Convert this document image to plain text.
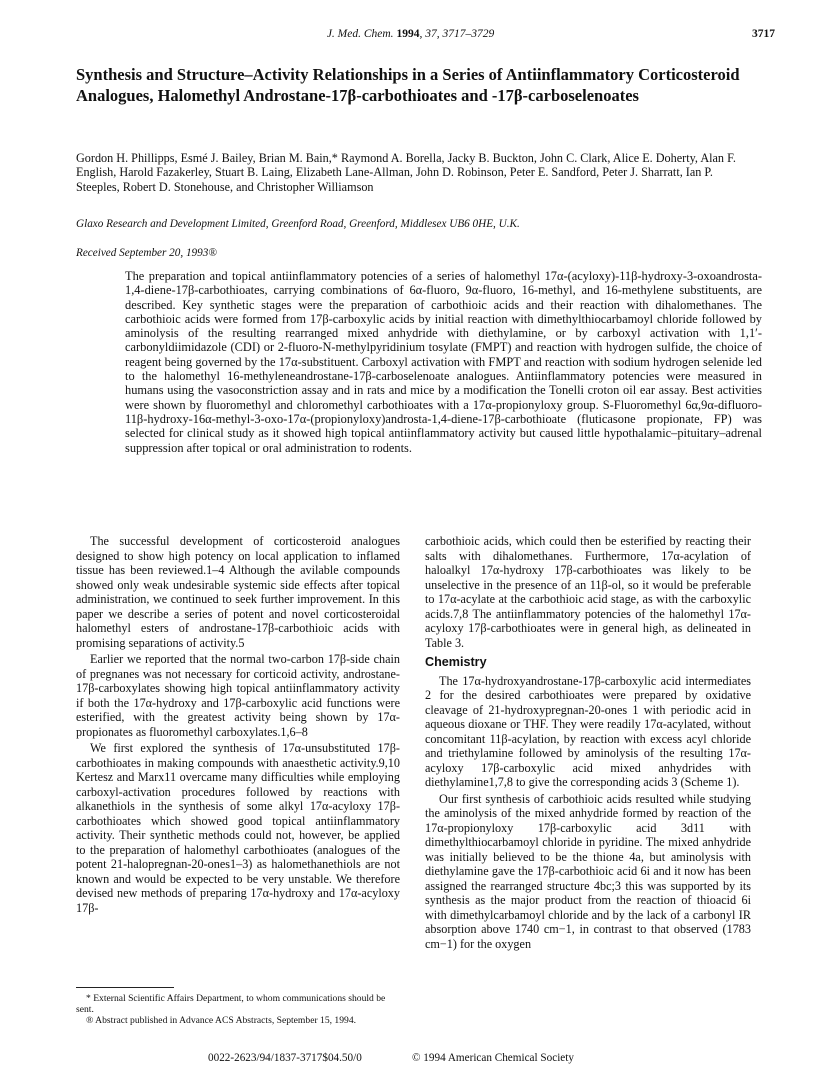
J. Med. Chem. 1994, 37, 3717–3729	3717
Synthesis and Structure–Activity Relationships in a Series of Antiinflammatory Corticosteroid Analogues, Halomethyl Androstane-17β-carbothioates and -17β-carboselenoates

Gordon H. Phillipps, Esmé J. Bailey, Brian M. Bain,* Raymond A. Borella, Jacky B. Buckton, John C. Clark, Alice E. Doherty, Alan F. English, Harold Fazakerley, Stuart B. Laing, Elizabeth Lane-Allman, John D. Robinson, Peter E. Sandford, Peter J. Sharratt, Ian P. Steeples, Robert D. Stonehouse, and Christopher Williamson

Glaxo Research and Development Limited, Greenford Road, Greenford, Middlesex UB6 0HE, U.K.

Received September 20, 1993®

The preparation and topical antiinflammatory potencies of a series of halomethyl 17α-(acyloxy)-11β-hydroxy-3-oxoandrosta-1,4-diene-17β-carbothioates, carrying combinations of 6α-fluoro, 9α-fluoro, 16-methyl, and 16-methylene substituents, are described. Key synthetic stages were the preparation of carbothioic acids and their reaction with dihalomethanes. The carbothioic acids were formed from 17β-carboxylic acids by initial reaction with dimethylthiocarbamoyl chloride followed by aminolysis of the resulting rearranged mixed anhydride with diethylamine, or by carboxyl activation with 1,1′-carbonyldiimidazole (CDI) or 2-fluoro-N-methylpyridinium tosylate (FMPT) and reaction with hydrogen sulfide, the choice of reagent being governed by the 17α-substituent. Carboxyl activation with FMPT and reaction with sodium hydrogen selenide led to the halomethyl 16-methyleneandrostane-17β-carboselenoate analogues. Antiinflammatory potencies were measured in humans using the vasoconstriction assay and in rats and mice by a modification the Tonelli croton oil ear assay. Best activities were shown by fluoromethyl and chloromethyl carbothioates with a 17α-propionyloxy group. S-Fluoromethyl 6α,9α-difluoro-11β-hydroxy-16α-methyl-3-oxo-17α-(propionyloxy)androsta-1,4-diene-17β-carbothioate (fluticasone propionate, FP) was selected for clinical study as it showed high topical antiinflammatory activity but caused little hypothalamic–pituitary–adrenal suppression after topical or oral administration to rodents.

The successful development of corticosteroid analogues designed to show high potency on local application to inflamed tissue has been reviewed.1–4 Although the avilable compounds showed only weak undesirable systemic side effects after topical administration, we continued to seek further improvement. In this paper we describe a series of potent and novel corticosteroidal halomethyl esters of androstane-17β-carbothioic acids with promising separations of activity.5

Earlier we reported that the normal two-carbon 17β-side chain of pregnanes was not necessary for corticoid activity, androstane-17β-carboxylates showing high topical antiinflammatory activity if both the 17α-hydroxy and 17β-carboxylic acid functions were esterified, with the greatest activity being shown by 17α-propionates as fluoromethyl carboxylates.1,6–8

We first explored the synthesis of 17α-unsubstituted 17β-carbothioates in making compounds with anaesthetic activity.9,10 Kertesz and Marx11 overcame many difficulties while employing carboxyl-activation procedures followed by reactions with alkanethiols in the synthesis of some alkyl 17α-acyloxy 17β-carbothioates which showed good topical antiinflammatory activity. Their synthetic methods could not, however, be applied to the preparation of halomethyl carbothioates (analogues of the potent 21-halopregnan-20-ones1–3) as halomethanethiols are not known and would be expected to be very unstable. We therefore devised new methods of preparing 17α-hydroxy and 17α-acyloxy 17β-

carbothioic acids, which could then be esterified by reacting their salts with dihalomethanes. Furthermore, 17α-acylation of haloalkyl 17α-hydroxy 17β-carbothioates was likely to be unselective in the presence of an 11β-ol, so it would be preferable to 17α-acylate at the carbothioic acid stage, as with the carboxylic acids.7,8 The antiinflammatory potencies of the halomethyl 17α-acyloxy 17β-carbothioates were in general high, as delineated in Table 3.

Chemistry

The 17α-hydroxyandrostane-17β-carboxylic acid intermediates 2 for the desired carbothioates were prepared by oxidative cleavage of 21-hydroxypregnan-20-ones 1 with periodic acid in aqueous dioxane or THF. They were readily 17α-acylated, without concomitant 11β-acylation, by reaction with excess acyl chloride and triethylamine followed by aminolysis of the resulting 17α-acyloxy 17β-carboxylic acid mixed anhydrides with diethylamine1,7,8 to give the corresponding acids 3 (Scheme 1).

Our first synthesis of carbothioic acids resulted while studying the aminolysis of the mixed anhydride formed by reaction of the 17α-propionyloxy 17β-carboxylic acid 3d11 with dimethylthiocarbamoyl chloride in pyridine. The mixed anhydride was initially believed to be the thione 4a, but aminolysis with diethylamine gave the 17β-carbothioic acid 6i and it now has been assigned the rearranged structure 4bc;3 this was supported by its synthesis as the major product from the reaction of thioacid 6i with dimethylcarbamoyl chloride and by the lack of a carbonyl IR absorption above 1740 cm−1, in contrast to that observed (1783 cm−1) for the oxygen

* External Scientific Affairs Department, to whom communications should be sent.

® Abstract published in Advance ACS Abstracts, September 15, 1994.

0022-2623/94/1837-3717$04.50/0	© 1994 American Chemical Society
